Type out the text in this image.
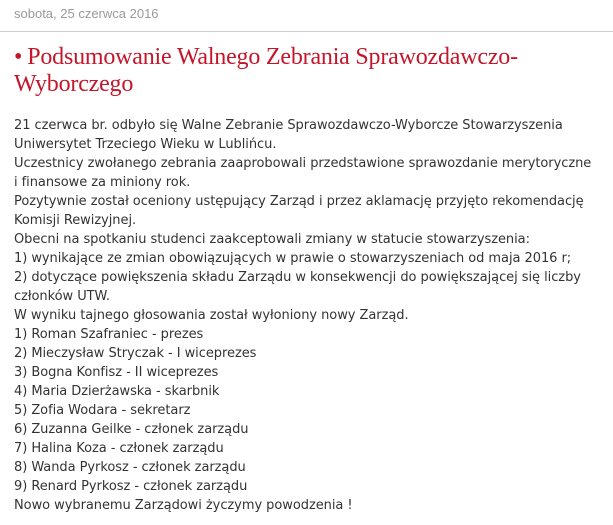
sobota, 25 czerwca 2016
• Podsumowanie Walnego Zebrania Sprawozdawczo-
Wyborczego
21 czerwca br. odbyło się Walne Zebranie Sprawozdawczo-Wyborcze Stowarzyszenia
Uniwersytet Trzeciego Wieku w Lublińcu.
Uczestnicy zwołanego zebrania zaaprobowali przedstawione sprawozdanie merytoryczne
i finansowe za miniony rok.
Pozytywnie został oceniony ustępujący Zarząd i przez aklamację przyjęto rekomendację
Komisji Rewizyjnej.
Obecni na spotkaniu studenci zaakceptowali zmiany w statucie stowarzyszenia:
1) wynikające ze zmian obowiązujących w prawie o stowarzyszeniach od maja 2016 r;
2) dotyczące powiększenia składu Zarządu w konsekwencji do powiększającej się liczby
członków UTW.
W wyniku tajnego głosowania został wyłoniony nowy Zarząd.
1) Roman Szafraniec - prezes
2) Mieczysław Stryczak - I wiceprezes
3) Bogna Konfisz - II wiceprezes
4) Maria Dzierżawska - skarbnik
5) Zofia Wodara - sekretarz
6) Zuzanna Geilke - członek zarządu
7) Halina Koza - członek zarządu
8) Wanda Pyrkosz - członek zarządu
9) Renard Pyrkosz - członek zarządu
Nowo wybranemu Zarządowi życzymy powodzenia !
